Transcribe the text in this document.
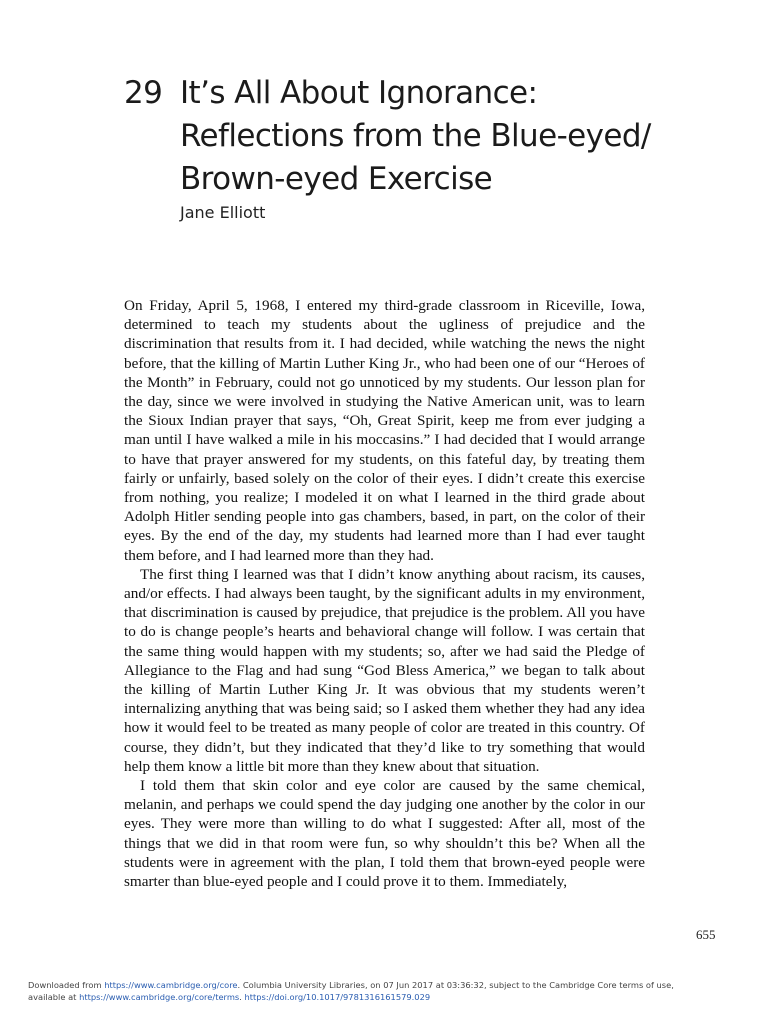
29 It’s All About Ignorance:
Reflections from the Blue-eyed/
Brown-eyed Exercise
Jane Elliott

On Friday, April 5, 1968, I entered my third-grade classroom in Riceville, Iowa, determined to teach my students about the ugliness of prejudice and the discrimination that results from it. I had decided, while watching the news the night before, that the killing of Martin Luther King Jr., who had been one of our “Heroes of the Month” in February, could not go unnoticed by my students. Our lesson plan for the day, since we were involved in studying the Native American unit, was to learn the Sioux Indian prayer that says, “Oh, Great Spirit, keep me from ever judging a man until I have walked a mile in his moccasins.” I had decided that I would arrange to have that prayer answered for my students, on this fateful day, by treating them fairly or unfairly, based solely on the color of their eyes. I didn’t create this exercise from nothing, you realize; I modeled it on what I learned in the third grade about Adolph Hitler sending people into gas chambers, based, in part, on the color of their eyes. By the end of the day, my students had learned more than I had ever taught them before, and I had learned more than they had.

The first thing I learned was that I didn’t know anything about racism, its causes, and/or effects. I had always been taught, by the significant adults in my environment, that discrimination is caused by prejudice, that prejudice is the problem. All you have to do is change people’s hearts and behavioral change will follow. I was certain that the same thing would happen with my students; so, after we had said the Pledge of Allegiance to the Flag and had sung “God Bless America,” we began to talk about the killing of Martin Luther King Jr. It was obvious that my students weren’t internalizing anything that was being said; so I asked them whether they had any idea how it would feel to be treated as many people of color are treated in this country. Of course, they didn’t, but they indicated that they’d like to try something that would help them know a little bit more than they knew about that situation.

I told them that skin color and eye color are caused by the same chemical, melanin, and perhaps we could spend the day judging one another by the color in our eyes. They were more than willing to do what I suggested: After all, most of the things that we did in that room were fun, so why shouldn’t this be? When all the students were in agreement with the plan, I told them that brown-eyed people were smarter than blue-eyed people and I could prove it to them. Immediately,

655
Downloaded from https://www.cambridge.org/core. Columbia University Libraries, on 07 Jun 2017 at 03:36:32, subject to the Cambridge Core terms of use,
available at https://www.cambridge.org/core/terms. https://doi.org/10.1017/9781316161579.029
